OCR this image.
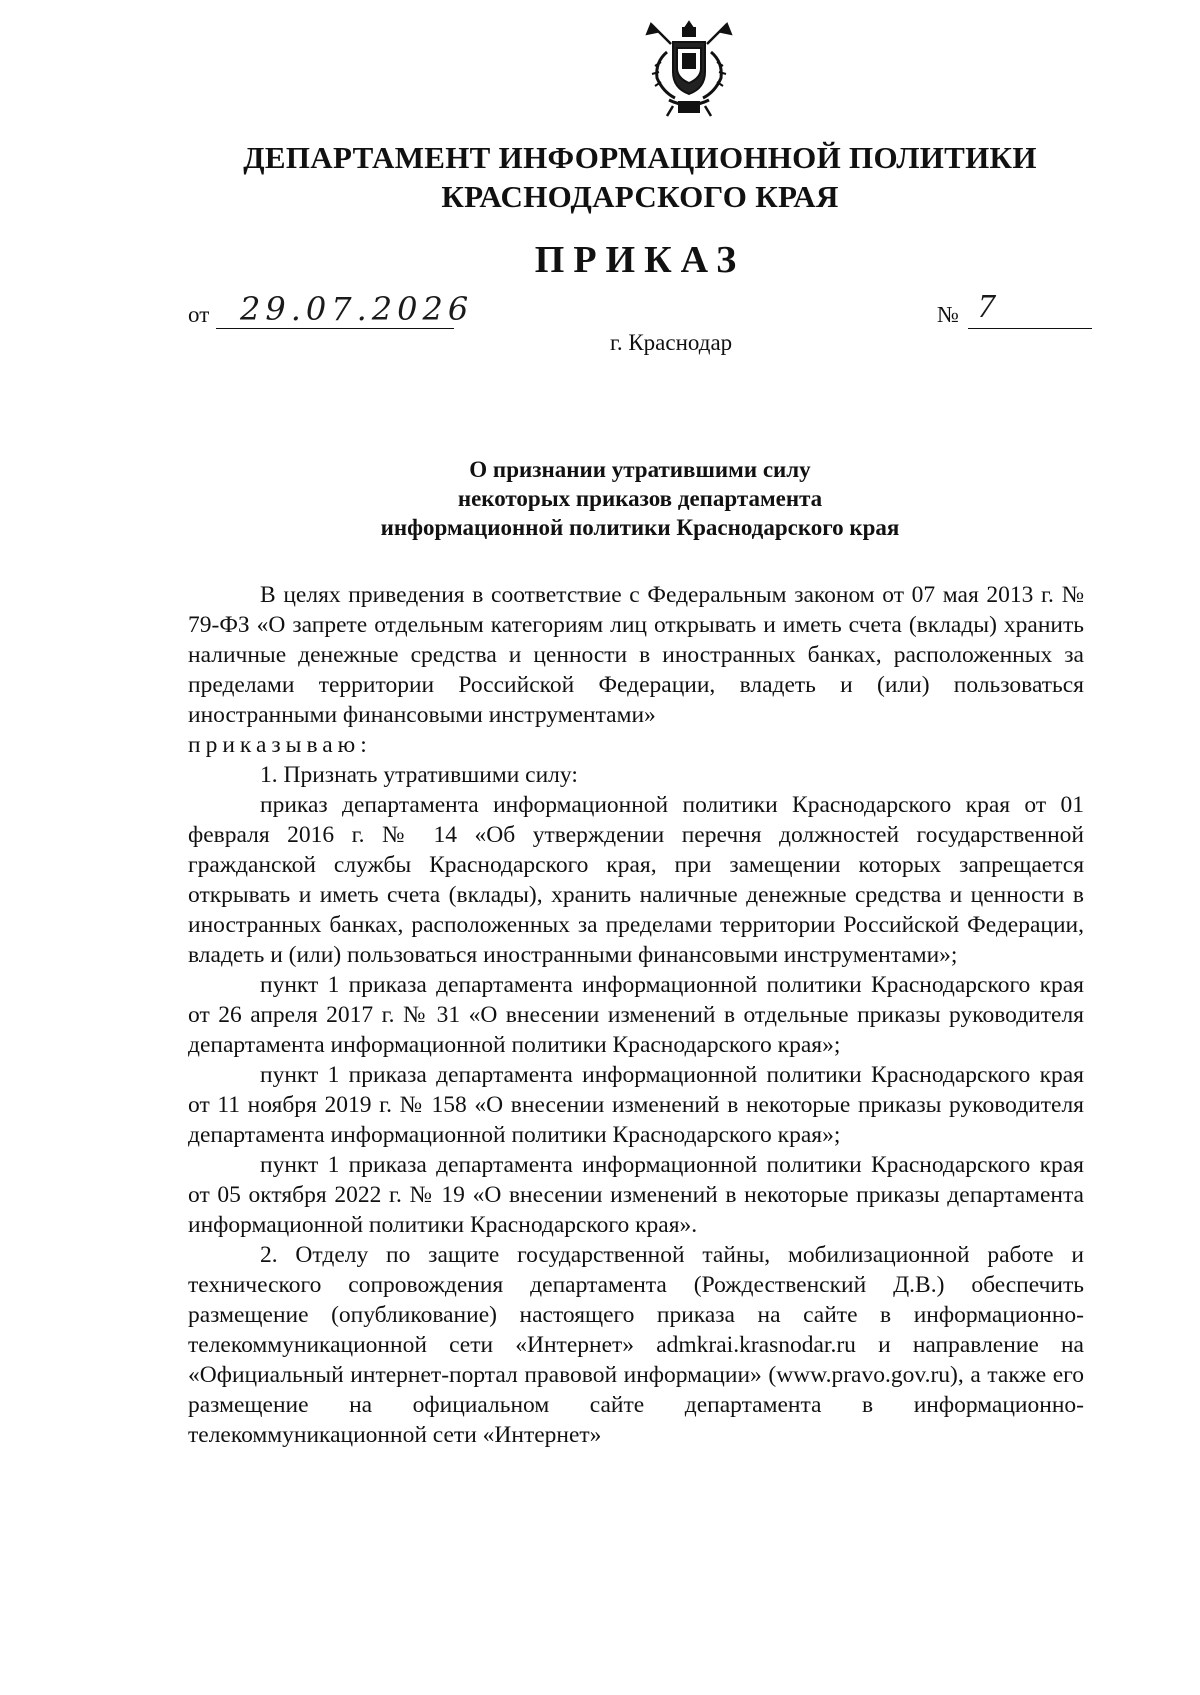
ДЕПАРТАМЕНТ ИНФОРМАЦИОННОЙ ПОЛИТИКИ
КРАСНОДАРСКОГО КРАЯ
ПРИКАЗ
от 29.07.2026	№ 7
г. Краснодар
О признании утратившими силу
некоторых приказов департамента
информационной политики Краснодарского края

В целях приведения в соответствие с Федеральным законом от 07 мая 2013 г. № 79-ФЗ «О запрете отдельным категориям лиц открывать и иметь счета (вклады) хранить наличные денежные средства и ценности в иностранных банках, расположенных за пределами территории Российской Федерации, владеть и (или) пользоваться иностранными финансовыми инструментами»

приказываю:

1. Признать утратившими силу:

приказ департамента информационной политики Краснодарского края от 01 февраля 2016 г. № 14 «Об утверждении перечня должностей государственной гражданской службы Краснодарского края, при замещении которых запрещается открывать и иметь счета (вклады), хранить наличные денежные средства и ценности в иностранных банках, расположенных за пределами территории Российской Федерации, владеть и (или) пользоваться иностранными финансовыми инструментами»;

пункт 1 приказа департамента информационной политики Краснодарского края от 26 апреля 2017 г. № 31 «О внесении изменений в отдельные приказы руководителя департамента информационной политики Краснодарского края»;

пункт 1 приказа департамента информационной политики Краснодарского края от 11 ноября 2019 г. № 158 «О внесении изменений в некоторые приказы руководителя департамента информационной политики Краснодарского края»;

пункт 1 приказа департамента информационной политики Краснодарского края от 05 октября 2022 г. № 19 «О внесении изменений в некоторые приказы департамента информационной политики Краснодарского края».

2. Отделу по защите государственной тайны, мобилизационной работе и технического сопровождения департамента (Рождественский Д.В.) обеспечить размещение (опубликование) настоящего приказа на сайте в информационно-телекоммуникационной сети «Интернет» admkrai.krasnodar.ru и направление на «Официальный интернет-портал правовой информации» (www.pravo.gov.ru), а также его размещение на официальном сайте департамента в информационно-телекоммуникационной сети «Интернет»
